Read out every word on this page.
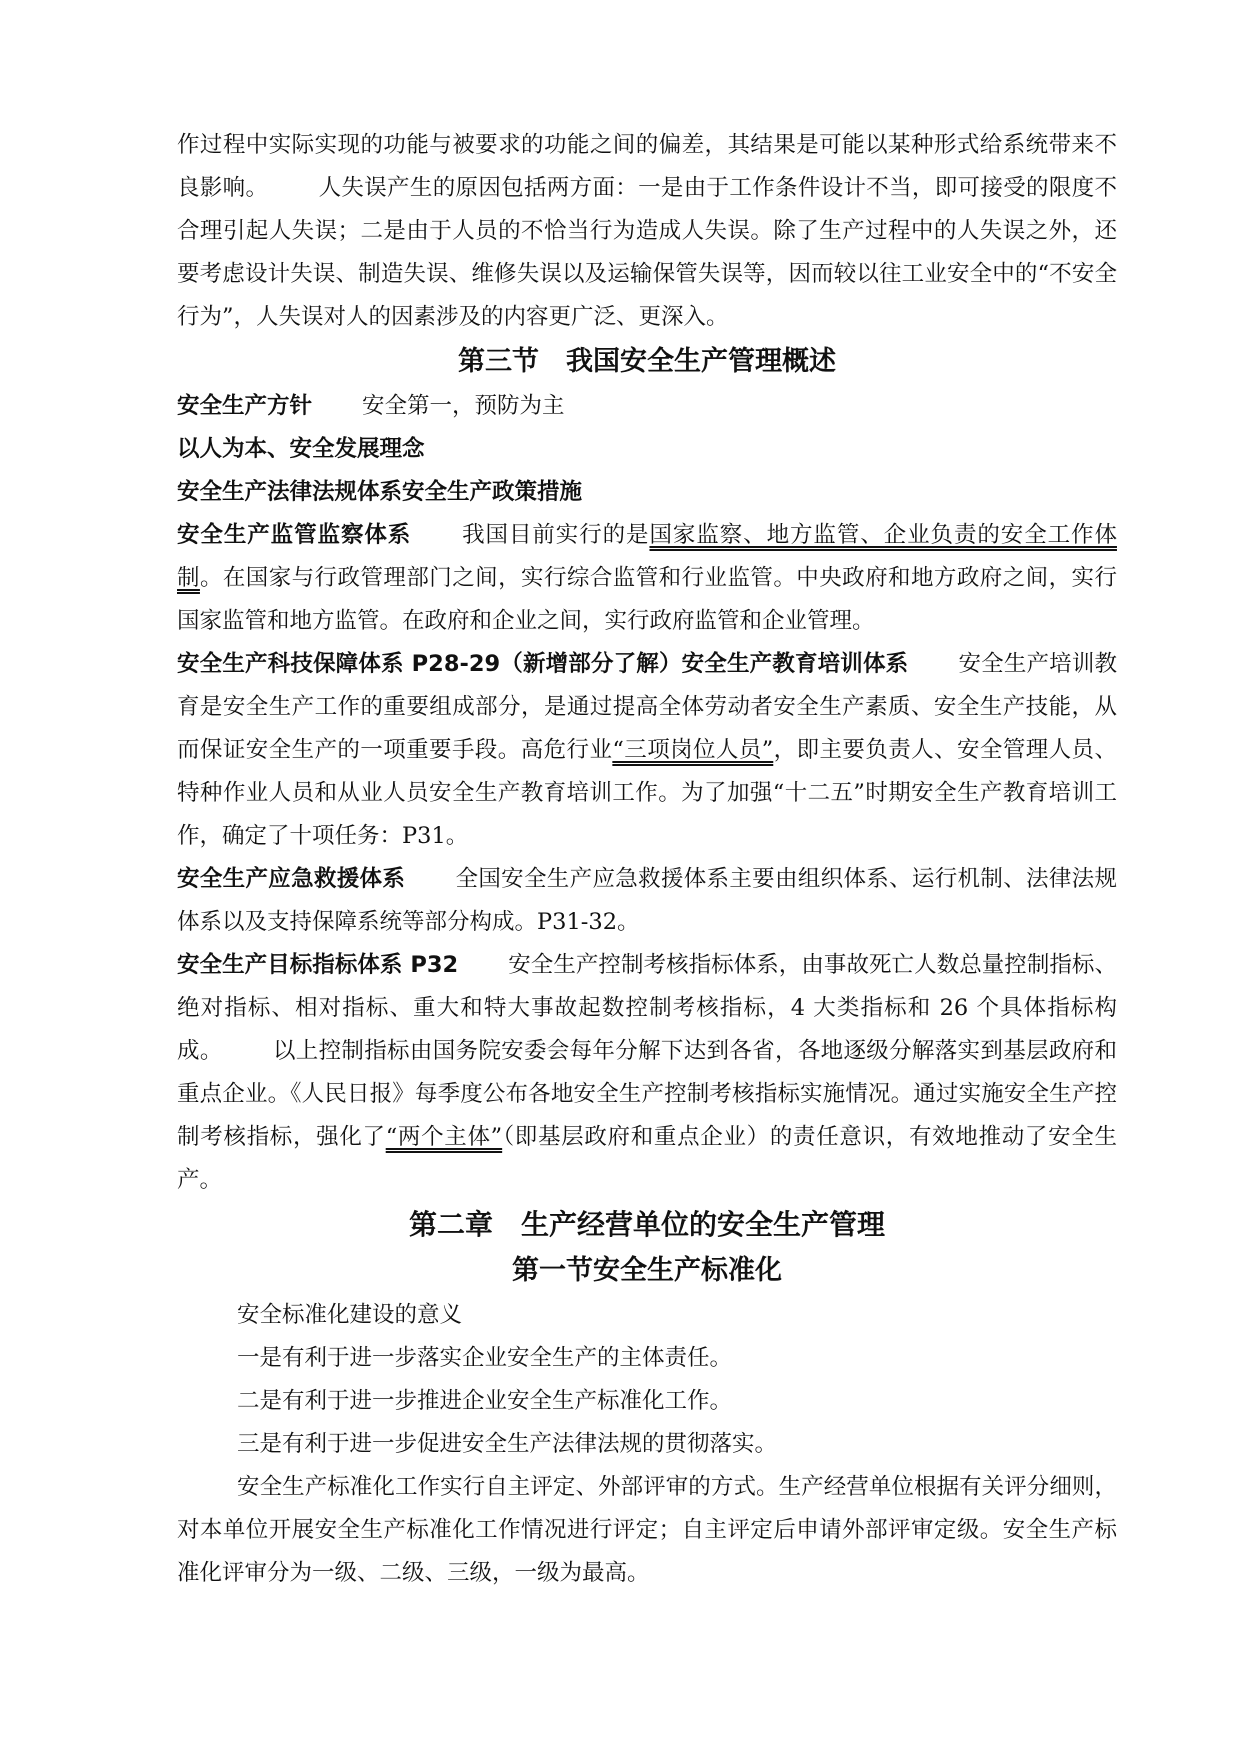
作过程中实际实现的功能与被要求的功能之间的偏差，其结果是可能以某种形式给系统带来不良影响。 人失误产生的原因包括两方面：一是由于工作条件设计不当，即可接受的限度不合理引起人失误；二是由于人员的不恰当行为造成人失误。除了生产过程中的人失误之外，还要考虑设计失误、制造失误、维修失误以及运输保管失误等，因而较以往工业安全中的“不安全行为”，人失误对人的因素涉及的内容更广泛、更深入。

第三节　我国安全生产管理概述

安全生产方针 安全第一，预防为主

以人为本、安全发展理念

安全生产法律法规体系安全生产政策措施

安全生产监管监察体系 我国目前实行的是国家监察、地方监管、企业负责的安全工作体制。在国家与行政管理部门之间，实行综合监管和行业监管。中央政府和地方政府之间，实行国家监管和地方监管。在政府和企业之间，实行政府监管和企业管理。

安全生产科技保障体系 P28-29（新增部分了解）安全生产教育培训体系 安全生产培训教育是安全生产工作的重要组成部分，是通过提高全体劳动者安全生产素质、安全生产技能，从而保证安全生产的一项重要手段。高危行业“三项岗位人员”，即主要负责人、安全管理人员、特种作业人员和从业人员安全生产教育培训工作。为了加强“十二五”时期安全生产教育培训工作，确定了十项任务：P31。

安全生产应急救援体系 全国安全生产应急救援体系主要由组织体系、运行机制、法律法规体系以及支持保障系统等部分构成。P31-32。

安全生产目标指标体系 P32 安全生产控制考核指标体系，由事故死亡人数总量控制指标、绝对指标、相对指标、重大和特大事故起数控制考核指标，4 大类指标和 26 个具体指标构成。 以上控制指标由国务院安委会每年分解下达到各省，各地逐级分解落实到基层政府和重点企业。《人民日报》每季度公布各地安全生产控制考核指标实施情况。通过实施安全生产控制考核指标，强化了“两个主体”（即基层政府和重点企业）的责任意识，有效地推动了安全生产。

第二章　生产经营单位的安全生产管理

第一节安全生产标准化

安全标准化建设的意义

一是有利于进一步落实企业安全生产的主体责任。

二是有利于进一步推进企业安全生产标准化工作。

三是有利于进一步促进安全生产法律法规的贯彻落实。

安全生产标准化工作实行自主评定、外部评审的方式。生产经营单位根据有关评分细则，对本单位开展安全生产标准化工作情况进行评定；自主评定后申请外部评审定级。安全生产标准化评审分为一级、二级、三级，一级为最高。
